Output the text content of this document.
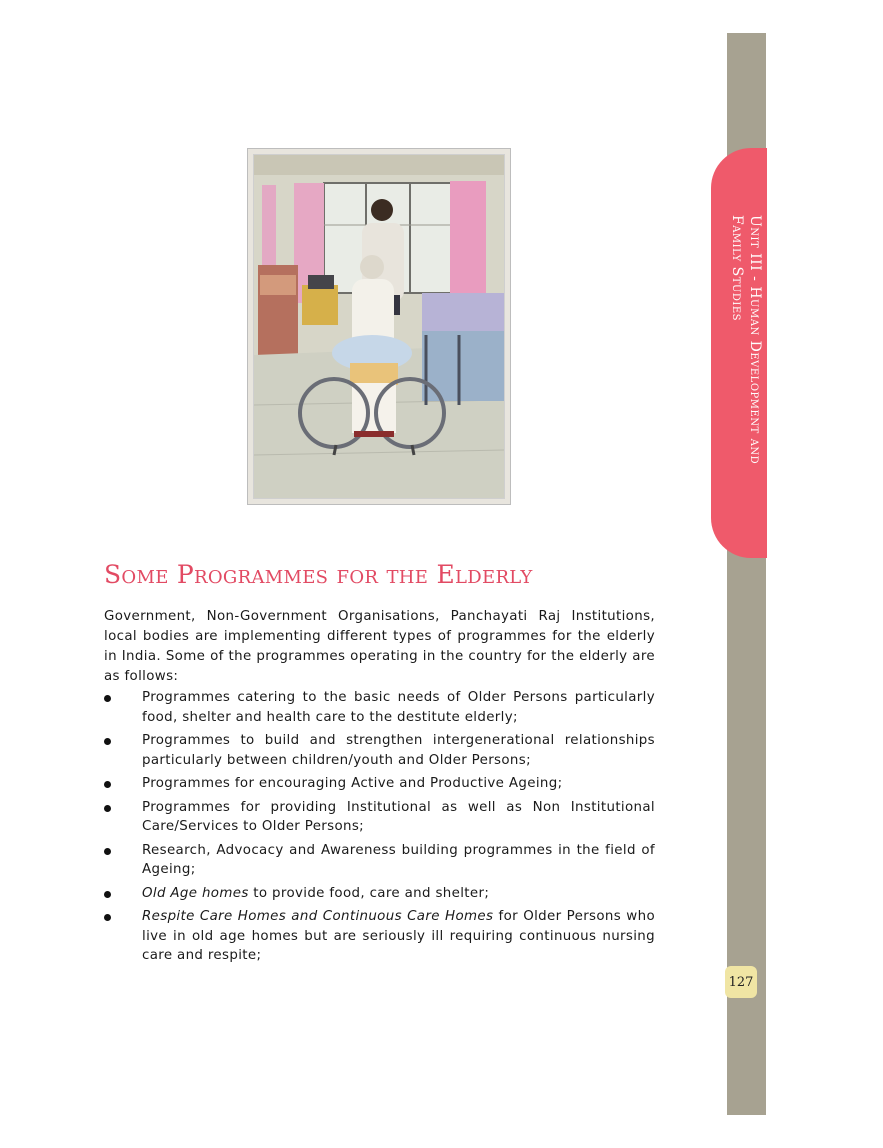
Unit III - Human Development and Family Studies
127
Some Programmes for the Elderly

Government, Non-Government Organisations, Panchayati Raj Institutions, local bodies are implementing different types of programmes for the elderly in India. Some of the programmes operating in the country for the elderly are as follows:

Programmes catering to the basic needs of Older Persons particularly food, shelter and health care to the destitute elderly;
Programmes to build and strengthen intergenerational relationships particularly between children/youth and Older Persons;
Programmes for encouraging Active and Productive Ageing;
Programmes for providing Institutional as well as Non Institutional Care/Services to Older Persons;
Research, Advocacy and Awareness building programmes in the field of Ageing;
Old Age homes to provide food, care and shelter;
Respite Care Homes and Continuous Care Homes for Older Persons who live in old age homes but are seriously ill requiring continuous nursing care and respite;
